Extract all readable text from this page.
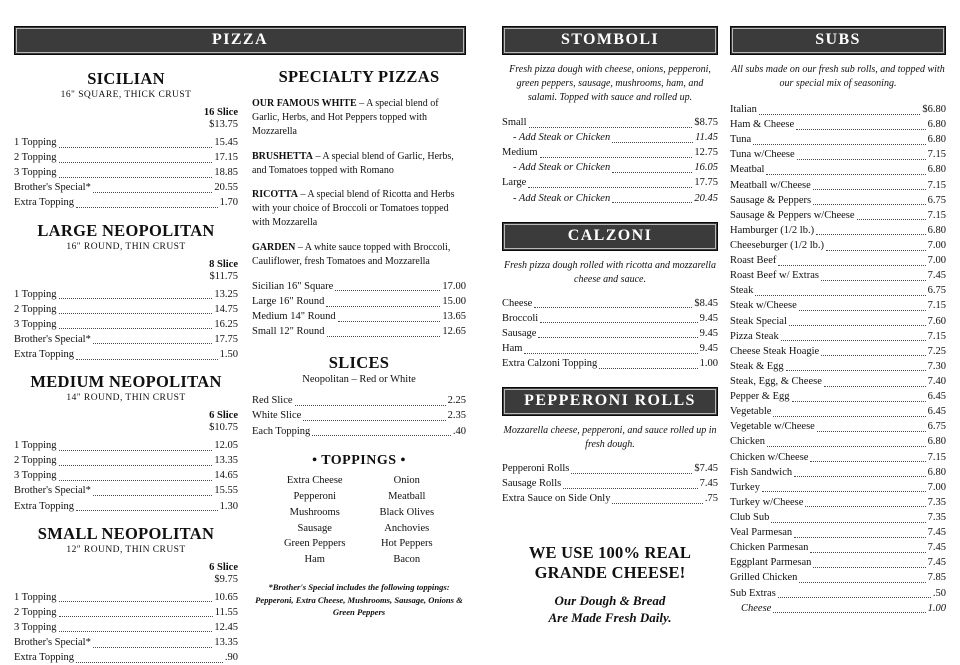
PIZZA
SICILIAN
16" SQUARE, THICK CRUST
16 Slice
$13.75
1 Topping	15.45
2 Topping	17.15
3 Topping	18.85
Brother's Special*	20.55
Extra Topping	1.70
LARGE NEOPOLITAN
16" ROUND, THIN CRUST
8 Slice
$11.75
1 Topping	13.25
2 Topping	14.75
3 Topping	16.25
Brother's Special*	17.75
Extra Topping	1.50
MEDIUM NEOPOLITAN
14" ROUND, THIN CRUST
6 Slice
$10.75
1 Topping	12.05
2 Topping	13.35
3 Topping	14.65
Brother's Special*	15.55
Extra Topping	1.30
SMALL NEOPOLITAN
12" ROUND, THIN CRUST
6 Slice
$9.75
1 Topping	10.65
2 Topping	11.55
3 Topping	12.45
Brother's Special*	13.35
Extra Topping	.90
SPECIALTY PIZZAS

OUR FAMOUS WHITE – A special blend of Garlic, Herbs, and Hot Peppers topped with Mozzarella

BRUSHETTA – A special blend of Garlic, Herbs, and Tomatoes topped with Romano

RICOTTA – A special blend of Ricotta and Herbs with your choice of Broccoli or Tomatoes topped with Mozzarella

GARDEN – A white sauce topped with Broccoli, Cauliflower, fresh Tomatoes and Mozzarella

Sicilian 16" Square	17.00
Large 16" Round	15.00
Medium 14" Round	13.65
Small 12" Round	12.65
SLICES
Neopolitan – Red or White
Red Slice	2.25
White Slice	2.35
Each Topping	.40
• TOPPINGS •
Extra Cheese
Pepperoni
Mushrooms
Sausage
Green Peppers
Ham
Onion
Meatball
Black Olives
Anchovies
Hot Peppers
Bacon
*Brother's Special includes the following toppings: Pepperoni, Extra Cheese, Mushrooms, Sausage, Onions & Green Peppers
STOMBOLI
Fresh pizza dough with cheese, onions, pepperoni, green peppers, sausage, mushrooms, ham, and salami. Topped with sauce and rolled up.
Small	$8.75
- Add Steak or Chicken	11.45
Medium	12.75
- Add Steak or Chicken	16.05
Large	17.75
- Add Steak or Chicken	20.45
CALZONI
Fresh pizza dough rolled with ricotta and mozzarella cheese and sauce.
Cheese	$8.45
Broccoli	9.45
Sausage	9.45
Ham	9.45
Extra Calzoni Topping	1.00
PEPPERONI ROLLS
Mozzarella cheese, pepperoni, and sauce rolled up in fresh dough.
Pepperoni Rolls	$7.45
Sausage Rolls	7.45
Extra Sauce on Side Only	.75
WE USE 100% REAL
GRANDE CHEESE!
Our Dough & Bread
Are Made Fresh Daily.
SUBS
All subs made on our fresh sub rolls, and topped with our special mix of seasoning.
Italian	$6.80
Ham & Cheese	6.80
Tuna	6.80
Tuna w/Cheese	7.15
Meatbal	6.80
Meatball w/Cheese	7.15
Sausage & Peppers	6.75
Sausage & Peppers w/Cheese	7.15
Hamburger (1/2 lb.)	6.80
Cheeseburger (1/2 lb.)	7.00
Roast Beef	7.00
Roast Beef w/ Extras	7.45
Steak	6.75
Steak w/Cheese	7.15
Steak Special	7.60
Pizza Steak	7.15
Cheese Steak Hoagie	7.25
Steak & Egg	7.30
Steak, Egg, & Cheese	7.40
Pepper & Egg	6.45
Vegetable	6.45
Vegetable w/Cheese	6.75
Chicken	6.80
Chicken w/Cheese	7.15
Fish Sandwich	6.80
Turkey	7.00
Turkey w/Cheese	7.35
Club Sub	7.35
Veal Parmesan	7.45
Chicken Parmesan	7.45
Eggplant Parmesan	7.45
Grilled Chicken	7.85
Sub Extras	.50
Cheese	1.00
